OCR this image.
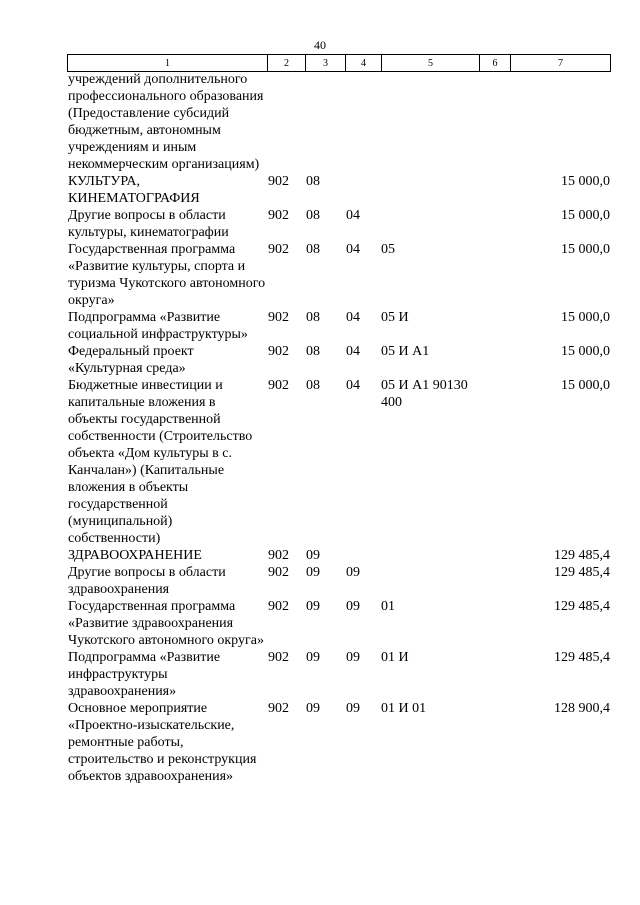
40
1	2	3	4	5	6	7
учреждений дополнительного профессионального образования (Предоставление субсидий бюджетным, автономным учреждениям и иным некоммерческим организациям)						
КУЛЬТУРА, КИНЕМАТОГРАФИЯ	902	08				15 000,0
Другие вопросы в области культуры, кинематографии	902	08	04			15 000,0
Государственная программа «Развитие культуры, спорта и туризма Чукотского автономного округа»	902	08	04	05		15 000,0
Подпрограмма «Развитие социальной инфраструктуры»	902	08	04	05 И		15 000,0
Федеральный проект «Культурная среда»	902	08	04	05 И А1		15 000,0
Бюджетные инвестиции и капитальные вложения в объекты государственной собственности (Строительство объекта «Дом культуры в с. Канчалан») (Капитальные вложения в объекты государственной (муниципальной) собственности)	902	08	04	05 И А1 90130 400		15 000,0
ЗДРАВООХРАНЕНИЕ	902	09				129 485,4
Другие вопросы в области здравоохранения	902	09	09			129 485,4
Государственная программа «Развитие здравоохранения Чукотского автономного округа»	902	09	09	01		129 485,4
Подпрограмма «Развитие инфраструктуры здравоохранения»	902	09	09	01 И		129 485,4
Основное мероприятие «Проектно-изыскательские, ремонтные работы, строительство и реконструкция объектов здравоохранения»	902	09	09	01 И 01		128 900,4
